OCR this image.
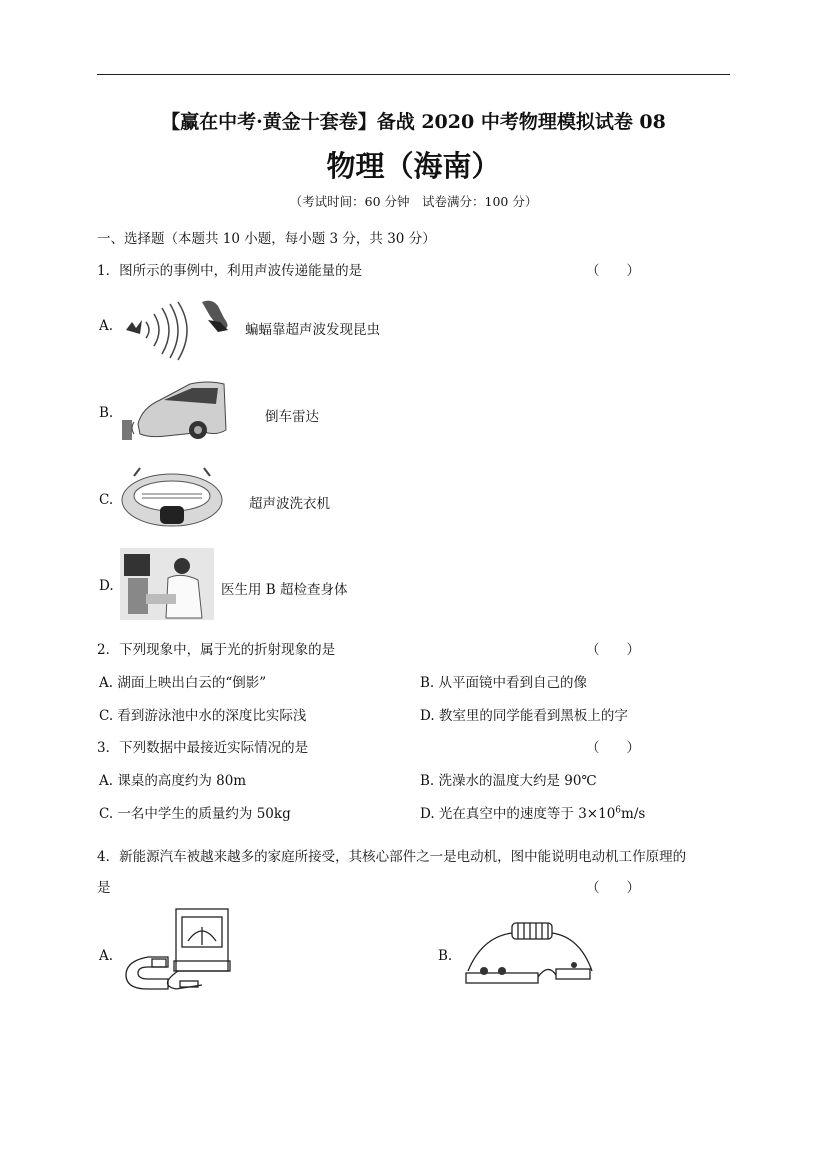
【赢在中考·黄金十套卷】备战 2020 中考物理模拟试卷 08
物理（海南）
（考试时间：60 分钟　试卷满分：100 分）
一、选择题（本题共 10 小题，每小题 3 分，共 30 分）
1．图所示的事例中，利用声波传递能量的是	（　　）
A.	蝙蝠靠超声波发现昆虫
B.	倒车雷达
C.	超声波洗衣机
D.	医生用 B 超检查身体
2．下列现象中，属于光的折射现象的是	（　　）
A. 湖面上映出白云的“倒影”	B. 从平面镜中看到自己的像
C. 看到游泳池中水的深度比实际浅	D. 教室里的同学能看到黑板上的字
3．下列数据中最接近实际情况的是	（　　）
A. 课桌的高度约为 80m	B. 洗澡水的温度大约是 90℃
C. 一名中学生的质量约为 50kg	D. 光在真空中的速度等于 $3\times 10^6m/s$
4．新能源汽车被越来越多的家庭所接受，其核心部件之一是电动机，图中能说明电动机工作原理的
是	（　　）
A.	B.
